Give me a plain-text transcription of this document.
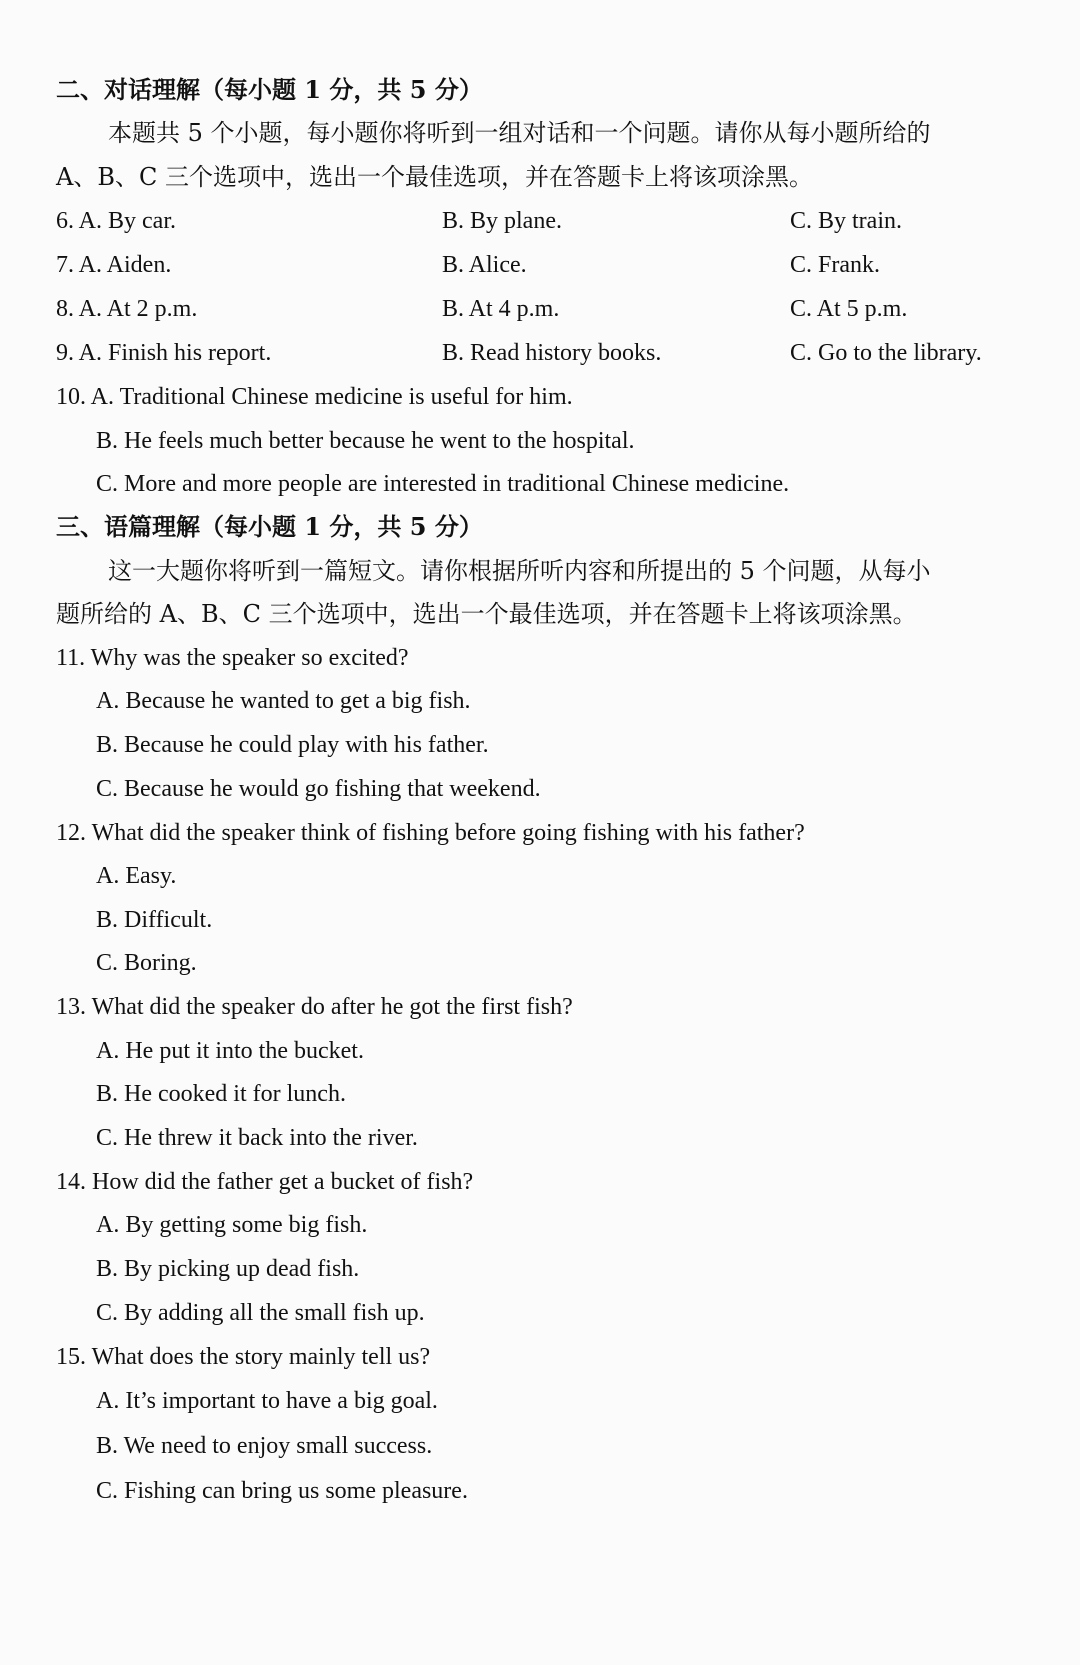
二、对话理解（每小题 1 分，共 5 分）
本题共 5 个小题，每小题你将听到一组对话和一个问题。请你从每小题所给的
A、B、C 三个选项中，选出一个最佳选项，并在答题卡上将该项涂黑。
6. A. By car.	B. By plane.	C. By train.
7. A. Aiden.	B. Alice.	C. Frank.
8. A. At 2 p.m.	B. At 4 p.m.	C. At 5 p.m.
9. A. Finish his report.	B. Read history books.	C. Go to the library.
10. A. Traditional Chinese medicine is useful for him.
B. He feels much better because he went to the hospital.
C. More and more people are interested in traditional Chinese medicine.
三、语篇理解（每小题 1 分，共 5 分）
这一大题你将听到一篇短文。请你根据所听内容和所提出的 5 个问题，从每小
题所给的 A、B、C 三个选项中，选出一个最佳选项，并在答题卡上将该项涂黑。
11. Why was the speaker so excited?
A. Because he wanted to get a big fish.
B. Because he could play with his father.
C. Because he would go fishing that weekend.
12. What did the speaker think of fishing before going fishing with his father?
A. Easy.
B. Difficult.
C. Boring.
13. What did the speaker do after he got the first fish?
A. He put it into the bucket.
B. He cooked it for lunch.
C. He threw it back into the river.
14. How did the father get a bucket of fish?
A. By getting some big fish.
B. By picking up dead fish.
C. By adding all the small fish up.
15. What does the story mainly tell us?
A. It’s important to have a big goal.
B. We need to enjoy small success.
C. Fishing can bring us some pleasure.
